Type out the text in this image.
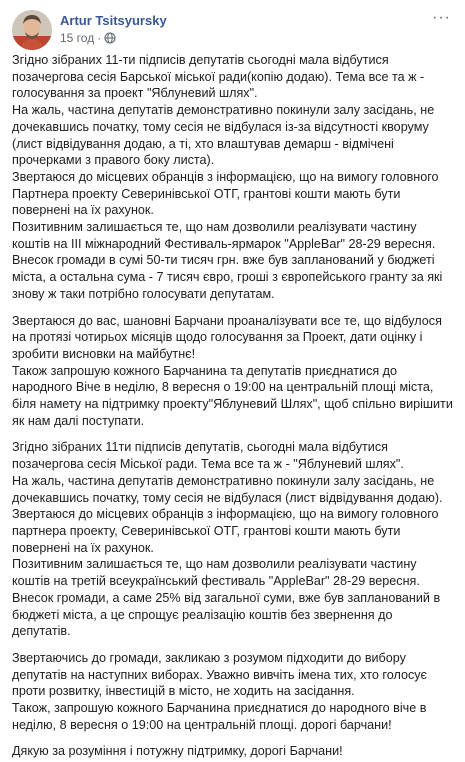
Artur Tsitsyursky
15 год ·
···

Згідно зібраних 11-ти підписів депутатів сьогодні мала відбутися позачергова сесія Барської міської ради(копію додаю). Тема все та ж - голосування за проект "Яблуневий шлях".

На жаль, частина депутатів демонстративно покинули залу засідань, не дочекавшись початку, тому сесія не відбулася із-за відсутності кворуму (лист відвідування додаю, а ті, хто влаштував демарш - відмічені прочерками з правого боку листа).

Звертаюся до місцевих обранців з інформацією, що на вимогу головного Партнера проекту Северинівської ОТГ, грантові кошти мають бути повернені на їх рахунок.

Позитивним залишається те, що нам дозволили реалізувати частину коштів на ІІІ міжнародний Фестиваль-ярмарок "AppleBar" 28-29 вересня. Внесок громади в сумі 50-ти тисяч грн. вже був запланований у бюджеті міста, а остальна сума - 7 тисяч євро, гроші з європейського гранту за які знову ж таки потрібно голосувати депутатам.

Звертаюся до вас, шановні Барчани проаналізувати все те, що відбулося на протязі чотирьох місяців щодо голосування за Проект, дати оцінку і зробити висновки на майбутнє!

Також запрошую кожного Барчанина та депутатів приєднатися до народного Віче в неділю, 8 вересня о 19:00 на центральній площі міста, біля намету на підтримку проекту"Яблуневий Шлях", щоб спільно вирішити як нам далі поступати.

Згідно зібраних 11ти підписів депутатів, сьогодні мала відбутися позачергова сесія Міської ради. Тема все та ж - "Яблуневий шлях".

На жаль, частина депутатів демонстративно покинули залу засідань, не дочекавшись початку, тому сесія не відбулася (лист відвідування додаю).

Звертаюся до місцевих обранців з інформацією, що на вимогу головного партнера проекту, Северинівської ОТГ, грантові кошти мають бути повернені на їх рахунок.

Позитивним залишається те, що нам дозволили реалізувати частину коштів на третій всеукраїнський фестиваль "AppleBar" 28-29 вересня. Внесок громади, а саме 25% від загальної суми, вже був запланований в бюджеті міста, а це спрощує реалізацію коштів без звернення до депутатів.

Звертаючись до громади, закликаю з розумом підходити до вибору депутатів на наступних виборах. Уважно вивчіть імена тих, хто голосує проти розвитку, інвестицій в місто, не ходить на засідання.

Також, запрошую кожного Барчанина приєднатися до народного віче в неділю, 8 вересня о 19:00 на центральній площі. дорогі барчани!

Дякую за розуміння і потужну підтримку, дорогі Барчани!
